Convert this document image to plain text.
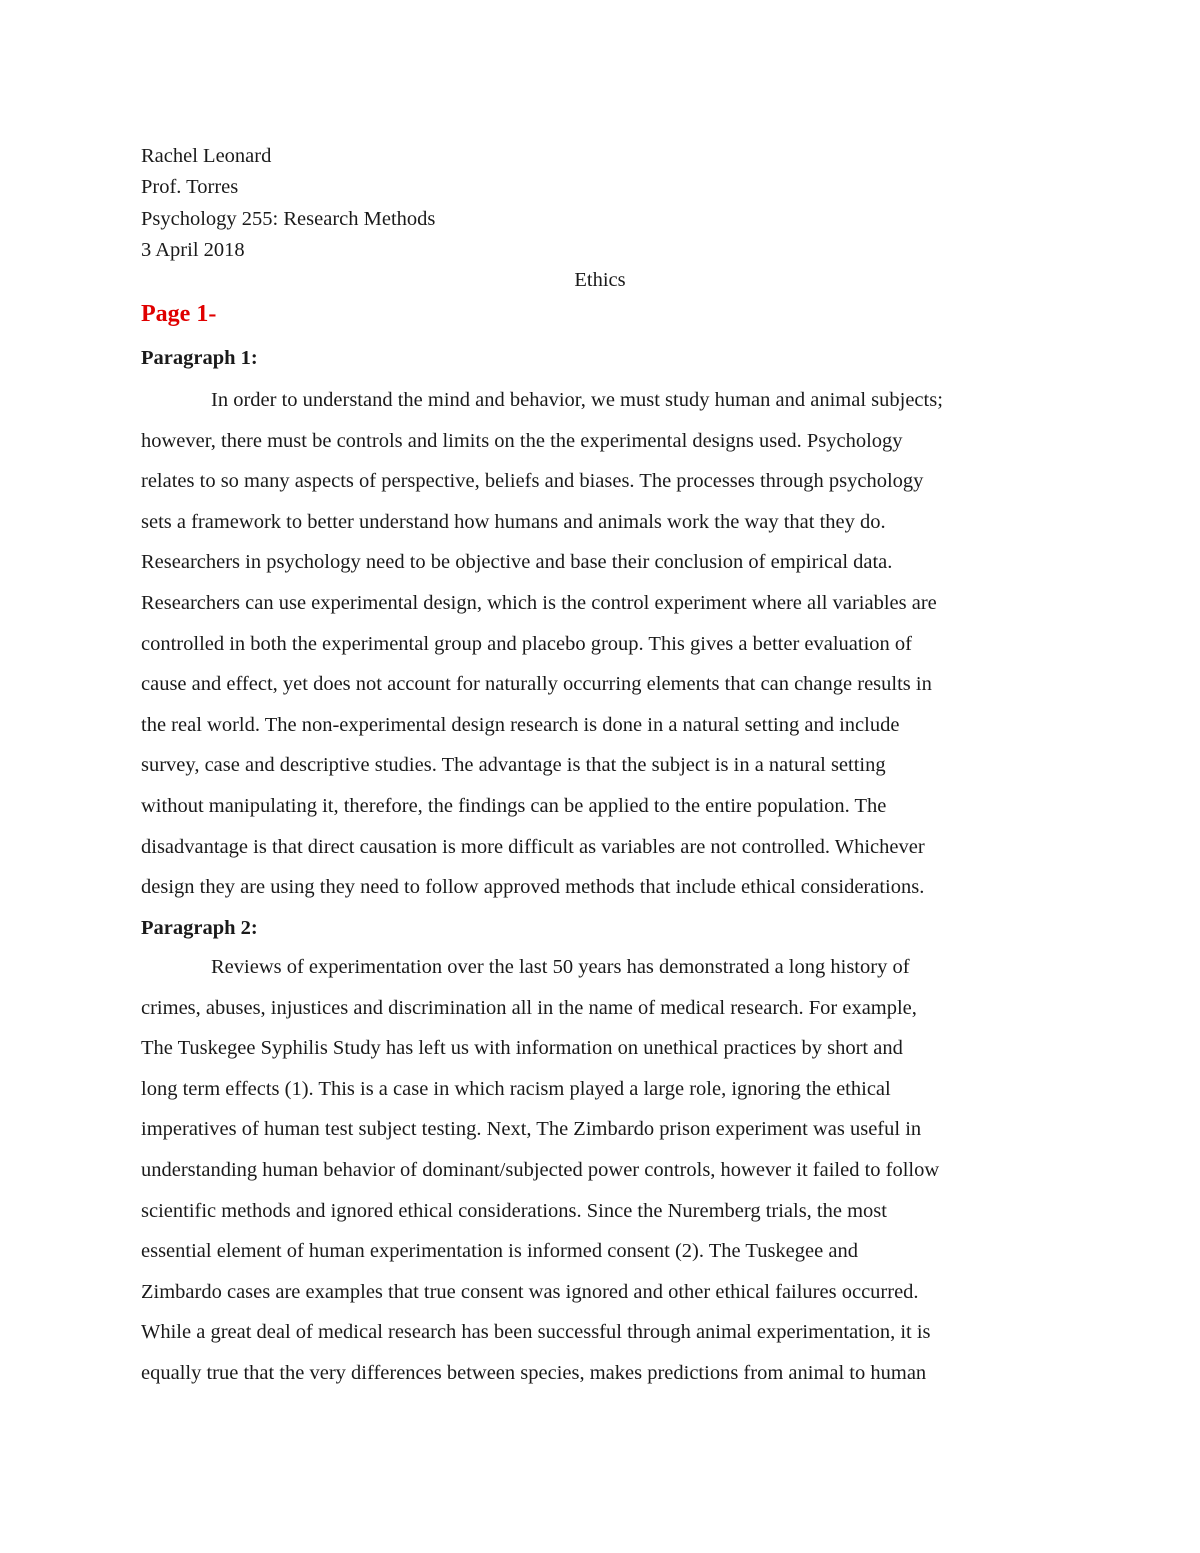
Rachel Leonard
Prof. Torres
Psychology 255: Research Methods
3 April 2018
Ethics
Page 1-
Paragraph 1:
In order to understand the mind and behavior, we must study human and animal subjects;
however, there must be controls and limits on the the experimental designs used. Psychology
relates to so many aspects of perspective, beliefs and biases. The processes through psychology
sets a framework to better understand how humans and animals work the way that they do.
Researchers in psychology need to be objective and base their conclusion of empirical data.
Researchers can use experimental design, which is the control experiment where all variables are
controlled in both the experimental group and placebo group. This gives a better evaluation of
cause and effect, yet does not account for naturally occurring elements that can change results in
the real world. The non-experimental design research is done in a natural setting and include
survey, case and descriptive studies. The advantage is that the subject is in a natural setting
without manipulating it, therefore, the findings can be applied to the entire population. The
disadvantage is that direct causation is more difficult as variables are not controlled. Whichever
design they are using they need to follow approved methods that include ethical considerations.
Paragraph 2:
Reviews of experimentation over the last 50 years has demonstrated a long history of
crimes, abuses, injustices and discrimination all in the name of medical research. For example,
The Tuskegee Syphilis Study has left us with information on unethical practices by short and
long term effects (1). This is a case in which racism played a large role, ignoring the ethical
imperatives of human test subject testing. Next, The Zimbardo prison experiment was useful in
understanding human behavior of dominant/subjected power controls, however it failed to follow
scientific methods and ignored ethical considerations. Since the Nuremberg trials, the most
essential element of human experimentation is informed consent (2). The Tuskegee and
Zimbardo cases are examples that true consent was ignored and other ethical failures occurred.
While a great deal of medical research has been successful through animal experimentation, it is
equally true that the very differences between species, makes predictions from animal to human
